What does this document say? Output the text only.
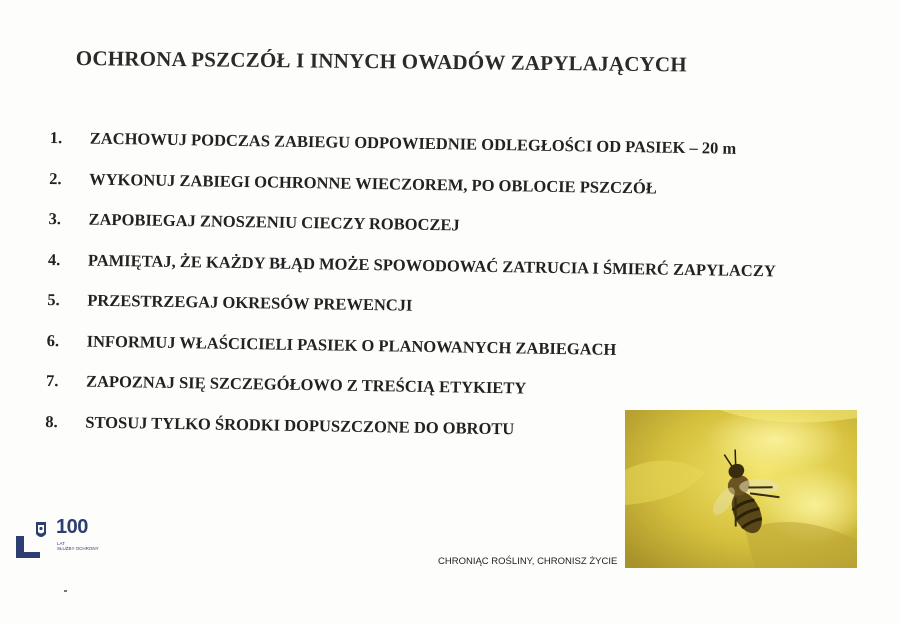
OCHRONA PSZCZÓŁ I INNYCH OWADÓW ZAPYLAJĄCYCH
1.	ZACHOWUJ PODCZAS ZABIEGU ODPOWIEDNIE ODLEGŁOŚCI OD PASIEK – 20 m
2.	WYKONUJ ZABIEGI OCHRONNE WIECZOREM, PO OBLOCIE PSZCZÓŁ
3.	ZAPOBIEGAJ ZNOSZENIU CIECZY ROBOCZEJ
4.	PAMIĘTAJ, ŻE KAŻDY BŁĄD MOŻE SPOWODOWAĆ ZATRUCIA I ŚMIERĆ ZAPYLACZY
5.	PRZESTRZEGAJ OKRESÓW PREWENCJI
6.	INFORMUJ WŁAŚCICIELI PASIEK O PLANOWANYCH ZABIEGACH
7.	ZAPOZNAJ SIĘ SZCZEGÓŁOWO Z TREŚCIĄ ETYKIETY
8.	STOSUJ TYLKO ŚRODKI DOPUSZCZONE DO OBROTU
CHRONIĄC ROŚLINY, CHRONISZ ŻYCIE
100
LAT
SŁUŻBY OCHRONY
